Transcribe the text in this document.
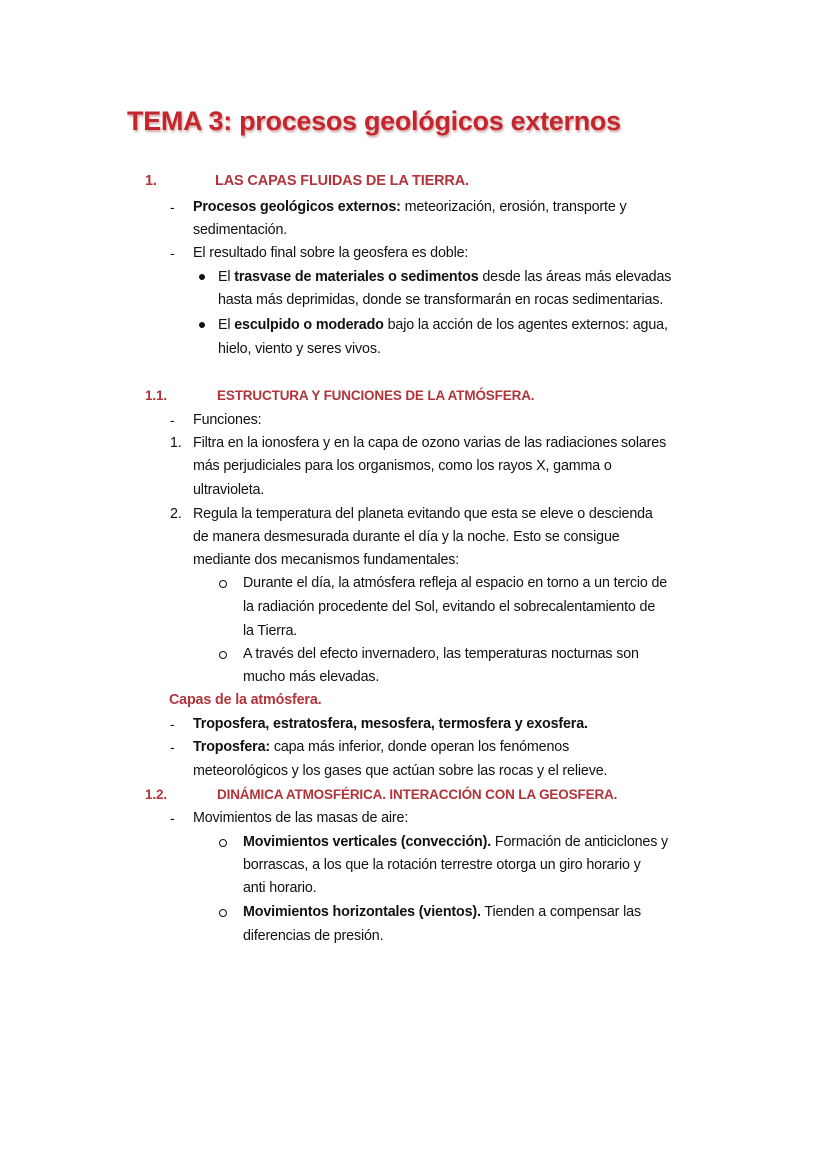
TEMA 3: procesos geológicos externos
1.	LAS CAPAS FLUIDAS DE LA TIERRA.
- Procesos geológicos externos: meteorización, erosión, transporte y
sedimentación.
- El resultado final sobre la geosfera es doble:
El trasvase de materiales o sedimentos desde las áreas más elevadas
hasta más deprimidas, donde se transformarán en rocas sedimentarias.
El esculpido o moderado bajo la acción de los agentes externos: agua,
hielo, viento y seres vivos.
1.1.	ESTRUCTURA Y FUNCIONES DE LA ATMÓSFERA.
- Funciones:
1. Filtra en la ionosfera y en la capa de ozono varias de las radiaciones solares
más perjudiciales para los organismos, como los rayos X, gamma o
ultravioleta.
2. Regula la temperatura del planeta evitando que esta se eleve o descienda
de manera desmesurada durante el día y la noche. Esto se consigue
mediante dos mecanismos fundamentales:
Durante el día, la atmósfera refleja al espacio en torno a un tercio de
la radiación procedente del Sol, evitando el sobrecalentamiento de
la Tierra.
A través del efecto invernadero, las temperaturas nocturnas son
mucho más elevadas.
Capas de la atmósfera.
- Troposfera, estratosfera, mesosfera, termosfera y exosfera.
- Troposfera: capa más inferior, donde operan los fenómenos
meteorológicos y los gases que actúan sobre las rocas y el relieve.
1.2.	DINÁMICA ATMOSFÉRICA. INTERACCIÓN CON LA GEOSFERA.
- Movimientos de las masas de aire:
Movimientos verticales (convección). Formación de anticiclones y
borrascas, a los que la rotación terrestre otorga un giro horario y
anti horario.
Movimientos horizontales (vientos). Tienden a compensar las
diferencias de presión.
